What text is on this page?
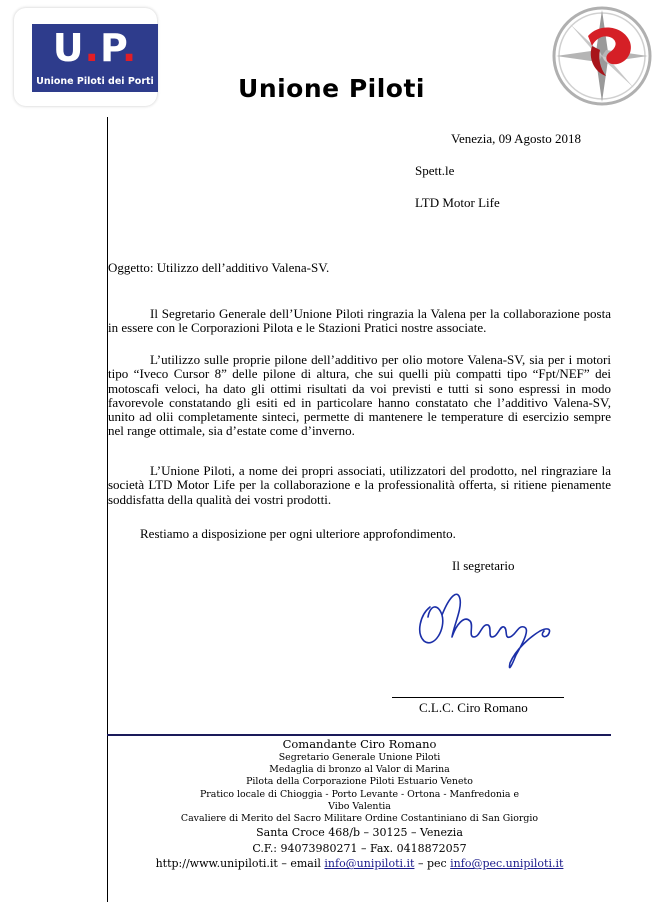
U.P.
Unione Piloti dei Porti	Unione Piloti
Venezia, 09 Agosto 2018
Spett.le
LTD Motor Life
Oggetto: Utilizzo dell’additivo Valena-SV.
Il Segretario Generale dell’Unione Piloti ringrazia la Valena per la collaborazione posta in essere con le Corporazioni Pilota e le Stazioni Pratici nostre associate.
L’utilizzo sulle proprie pilone dell’additivo per olio motore Valena-SV, sia per i motori tipo “Iveco Cursor 8” delle pilone di altura, che sui quelli più compatti tipo “Fpt/NEF” dei motoscafi veloci, ha dato gli ottimi risultati da voi previsti e tutti si sono espressi in modo favorevole constatando gli esiti ed in particolare hanno constatato che l’additivo Valena-SV, unito ad olii completamente sinteci, permette di mantenere le temperature di esercizio sempre nel range ottimale, sia d’estate come d’inverno.
L’Unione Piloti, a nome dei propri associati, utilizzatori del prodotto, nel ringraziare la società LTD Motor Life per la collaborazione e la professionalità offerta, si ritiene pienamente soddisfatta della qualità dei vostri prodotti.
Restiamo a disposizione per ogni ulteriore approfondimento.
Il segretario
C.L.C. Ciro Romano
Comandante Ciro Romano
Segretario Generale Unione Piloti
Medaglia di bronzo al Valor di Marina
Pilota della Corporazione Piloti Estuario Veneto
Pratico locale di Chioggia - Porto Levante - Ortona - Manfredonia e
Vibo Valentia
Cavaliere di Merito del Sacro Militare Ordine Costantiniano di San Giorgio
Santa Croce 468/b – 30125 – Venezia
C.F.: 94073980271 – Fax. 0418872057
http://www.unipiloti.it – email info@unipiloti.it – pec info@pec.unipiloti.it
